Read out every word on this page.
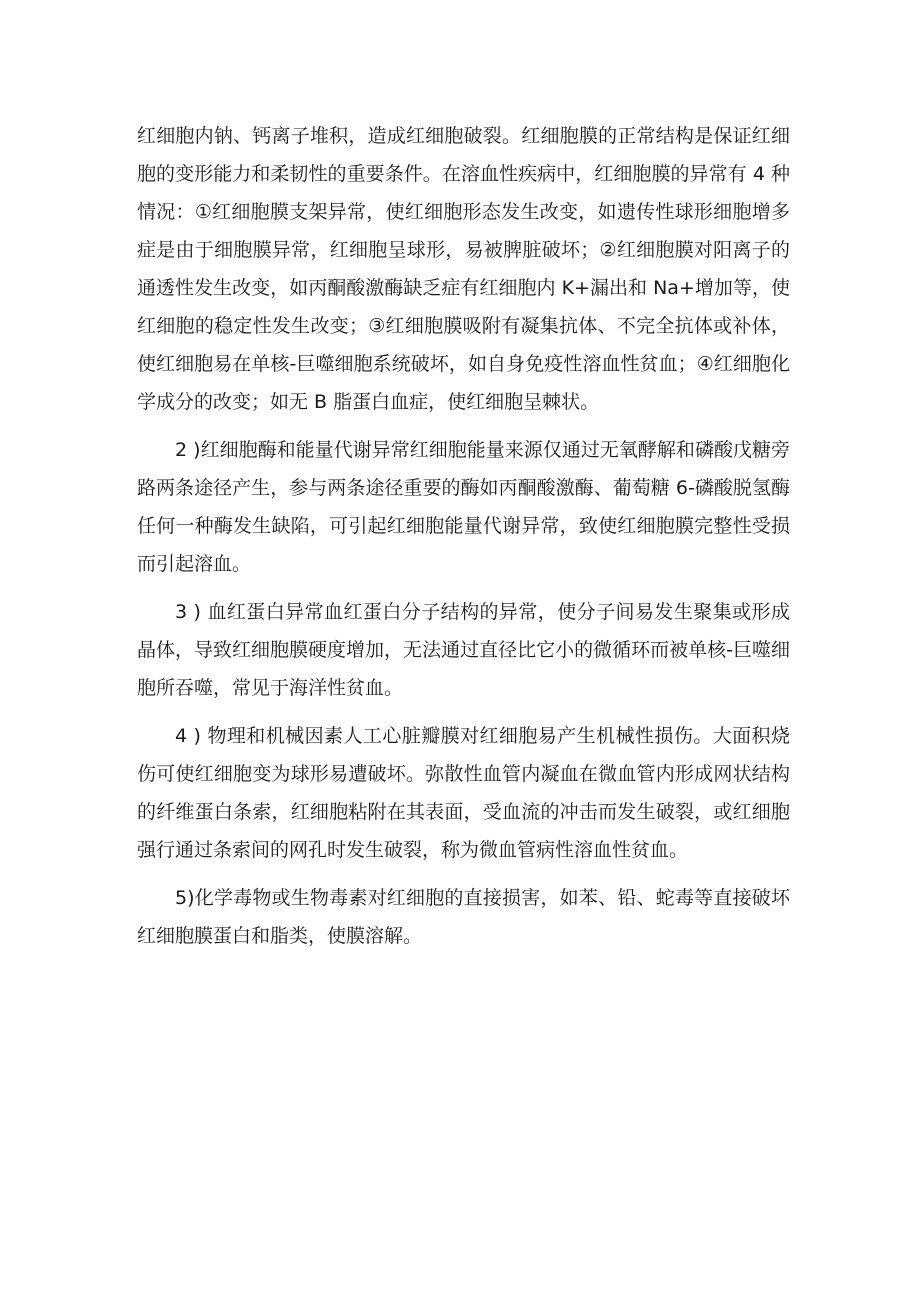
红细胞内钠、钙离子堆积，造成红细胞破裂。红细胞膜的正常结构是保证红细胞的变形能力和柔韧性的重要条件。在溶血性疾病中，红细胞膜的异常有 4 种情况：①红细胞膜支架异常，使红细胞形态发生改变，如遗传性球形细胞增多症是由于细胞膜异常，红细胞呈球形，易被脾脏破坏；②红细胞膜对阳离子的通透性发生改变，如丙酮酸激酶缺乏症有红细胞内 K+漏出和 Na+增加等，使红细胞的稳定性发生改变；③红细胞膜吸附有凝集抗体、不完全抗体或补体，使红细胞易在单核-巨噬细胞系统破坏，如自身免疫性溶血性贫血；④红细胞化学成分的改变；如无 B 脂蛋白血症，使红细胞呈棘状。

2 )红细胞酶和能量代谢异常红细胞能量来源仅通过无氧酵解和磷酸戊糖旁路两条途径产生，参与两条途径重要的酶如丙酮酸激酶、葡萄糖 6-磷酸脱氢酶任何一种酶发生缺陷，可引起红细胞能量代谢异常，致使红细胞膜完整性受损而引起溶血。

3 ) 血红蛋白异常血红蛋白分子结构的异常，使分子间易发生聚集或形成晶体，导致红细胞膜硬度增加，无法通过直径比它小的微循环而被单核-巨噬细胞所吞噬，常见于海洋性贫血。

4 ) 物理和机械因素人工心脏瓣膜对红细胞易产生机械性损伤。大面积烧伤可使红细胞变为球形易遭破坏。弥散性血管内凝血在微血管内形成网状结构的纤维蛋白条索，红细胞粘附在其表面，受血流的冲击而发生破裂，或红细胞强行通过条索间的网孔时发生破裂，称为微血管病性溶血性贫血。

5)化学毒物或生物毒素对红细胞的直接损害，如苯、铅、蛇毒等直接破坏红细胞膜蛋白和脂类，使膜溶解。
